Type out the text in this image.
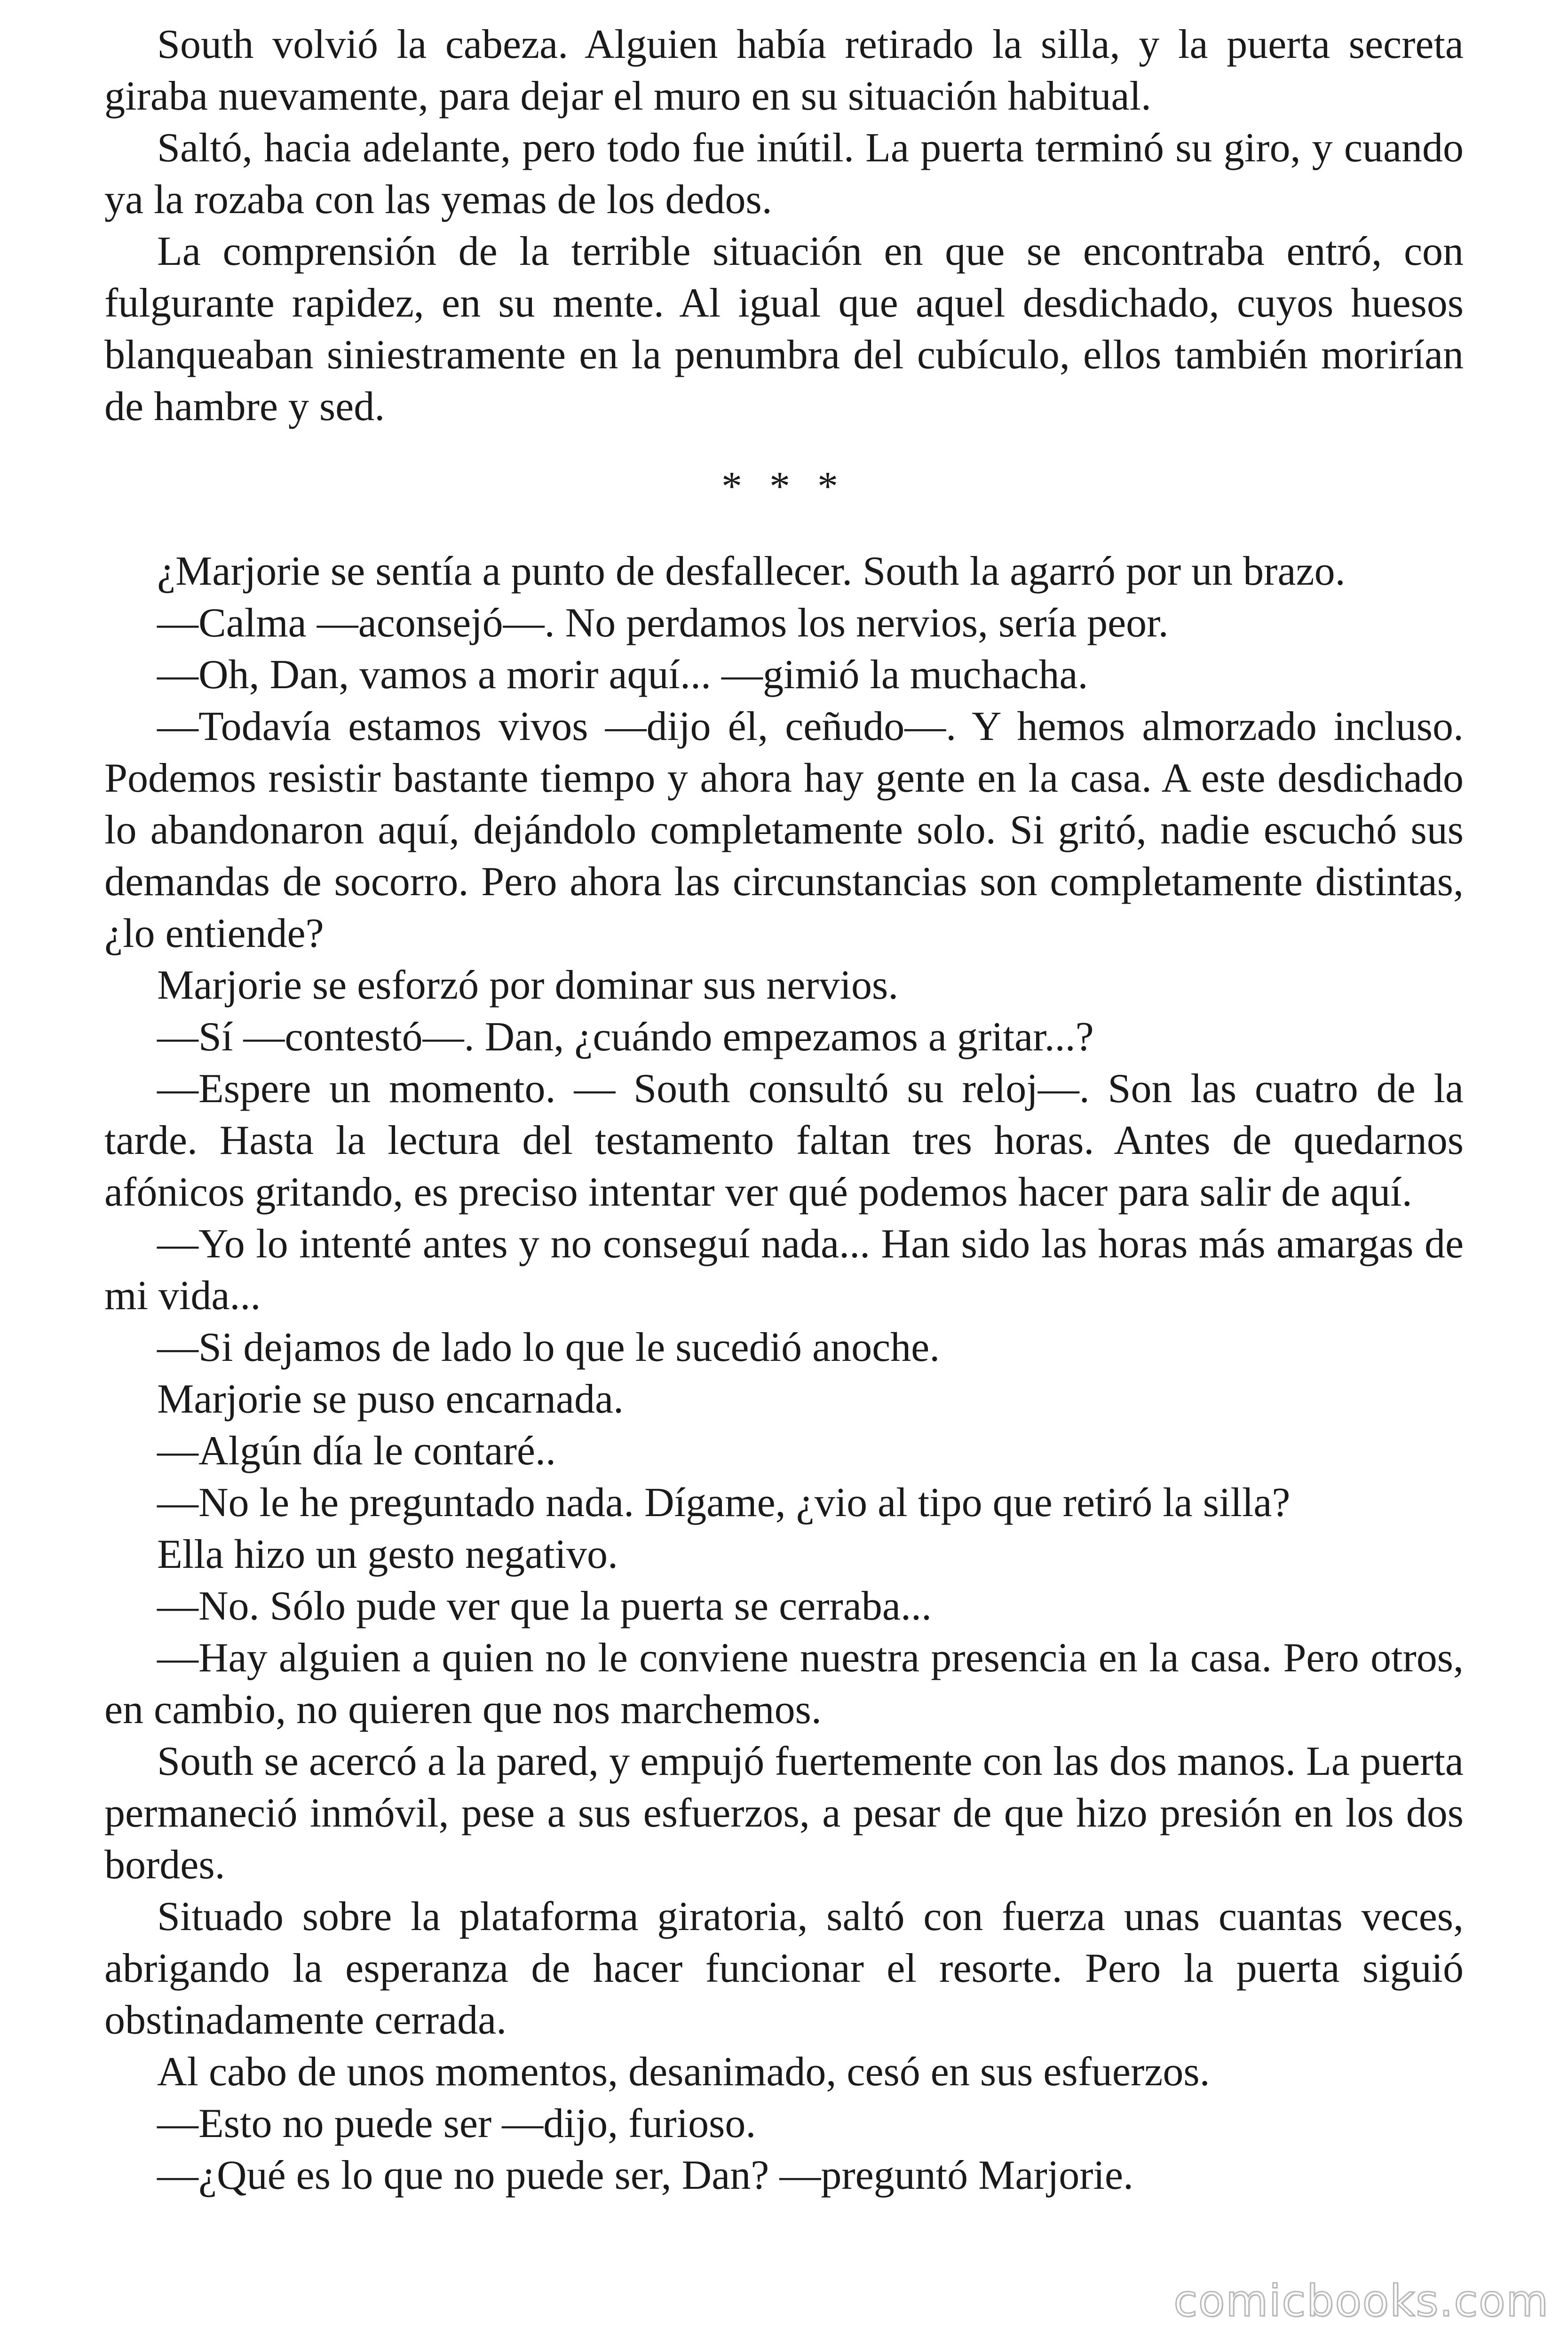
South volvió la cabeza. Alguien había retirado la silla, y la puerta secreta giraba nuevamente, para dejar el muro en su situación habitual.

Saltó, hacia adelante, pero todo fue inútil. La puerta terminó su giro, y cuando ya la rozaba con las yemas de los dedos.

La comprensión de la terrible situación en que se encontraba entró, con fulgurante rapidez, en su mente. Al igual que aquel desdichado, cuyos huesos blanqueaban siniestramente en la penumbra del cubículo, ellos también morirían de hambre y sed.

* * *

¿Marjorie se sentía a punto de desfallecer. South la agarró por un brazo.

—Calma —aconsejó—. No perdamos los nervios, sería peor.

—Oh, Dan, vamos a morir aquí... —gimió la muchacha.

—Todavía estamos vivos —dijo él, ceñudo—. Y hemos almorzado incluso. Podemos resistir bastante tiempo y ahora hay gente en la casa. A este desdichado lo abandonaron aquí, dejándolo completamente solo. Si gritó, nadie escuchó sus demandas de socorro. Pero ahora las circunstancias son completamente distintas, ¿lo entiende?

Marjorie se esforzó por dominar sus nervios.

—Sí —contestó—. Dan, ¿cuándo empezamos a gritar...?

—Espere un momento. — South consultó su reloj—. Son las cuatro de la tarde. Hasta la lectura del testamento faltan tres horas. Antes de quedarnos afónicos gritando, es preciso intentar ver qué podemos hacer para salir de aquí.

—Yo lo intenté antes y no conseguí nada... Han sido las horas más amargas de mi vida...

—Si dejamos de lado lo que le sucedió anoche.

Marjorie se puso encarnada.

—Algún día le contaré..

—No le he preguntado nada. Dígame, ¿vio al tipo que retiró la silla?

Ella hizo un gesto negativo.

—No. Sólo pude ver que la puerta se cerraba...

—Hay alguien a quien no le conviene nuestra presencia en la casa. Pero otros, en cambio, no quieren que nos marchemos.

South se acercó a la pared, y empujó fuertemente con las dos manos. La puerta permaneció inmóvil, pese a sus esfuerzos, a pesar de que hizo presión en los dos bordes.

Situado sobre la plataforma giratoria, saltó con fuerza unas cuantas veces, abrigando la esperanza de hacer funcionar el resorte. Pero la puerta siguió obstinadamente cerrada.

Al cabo de unos momentos, desanimado, cesó en sus esfuerzos.

—Esto no puede ser —dijo, furioso.

—¿Qué es lo que no puede ser, Dan? —preguntó Marjorie.

comicbooks.com
